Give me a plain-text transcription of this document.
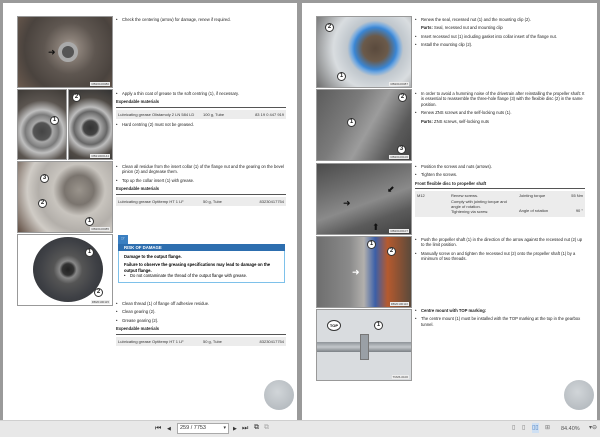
➜
RB20100080
1
2
RB21000144
3
2
1
RB20100085
1
2
RB20100115
• Check the centering (arrow) for damage, renew if required.
• Apply a thin coat of grease to the soft centring (1), if necessary.
Expendable materials
Lubricating grease Olistamoly 2 LN 584 LD	100 g, Tube	83 19 0 447 919
• Hard centring (2) must not be greased.
• Clean all residue from the insert collar (1) of the flange nut and the gearing on the bevel pinion (2) and degrease them.
• Top up the collar insert (1) with grease.
Expendable materials
Lubricating grease Optitemp HT 1 LF	50 g, Tube	83230417754
☞
RISK OF DAMAGE
Damage to the output flange.
Failure to observe the greasing specifications may lead to damage on the output flange.
• Do not contaminate the thread of the output flange with grease.
• Clean thread (1) of flange off adhesive residue.
• Clean gearing (2).
• Grease gearing (2).
Expendable materials
Lubricating grease Optitemp HT 1 LF	50 g, Tube	83230417754
2
1
RB20100087
2
1
3
RB20100106
➜
⬋
⬆	RB20100107
1
2
➜
RB20100110
TOP	1
TM26-0100
• Renew the seal, recessed nut (1) and the mounting clip (2).
Parts: Seal, recessed nut and mounting clip
• Insert recessed nut (1) including gasket into collar insert of the flange nut.
• Install the mounting clip (2).
• In order to avoid a humming noise of the drivetrain after reinstalling the propeller shaft: It is essential to reassemble the three-hole flange (3) with the flexible disc (2) in the same position.
• Renew ZNS screws and the self-locking nuts (1).
Parts: ZNS screws, self-locking nuts
• Position the screws and nuts (arrows).
• Tighten the screws.
Front flexible disc to propeller shaft
M12	Renew screws.
Comply with jointing torque and angle of rotation.
Tightening via screw.	Jointing torque	55 Nm
		Angle of rotation	90 °
• Push the propeller shaft (1) in the direction of the arrow against the recessed nut (2) up to the limit position.
• Manually screw on and tighten the recessed nut (2) onto the propeller shaft (1) by a minimum of two threads.
• Centre mount with TOP marking:
• The centre mount (1) must be installed with the TOP marking at the top in the gearbox tunnel.
⏮ ◀	259 / 7753	▾ ▶ ⏭ ⧉ ⧉	▯ ▯ ▯▯ ⊞ 84.40% ▾⊖
